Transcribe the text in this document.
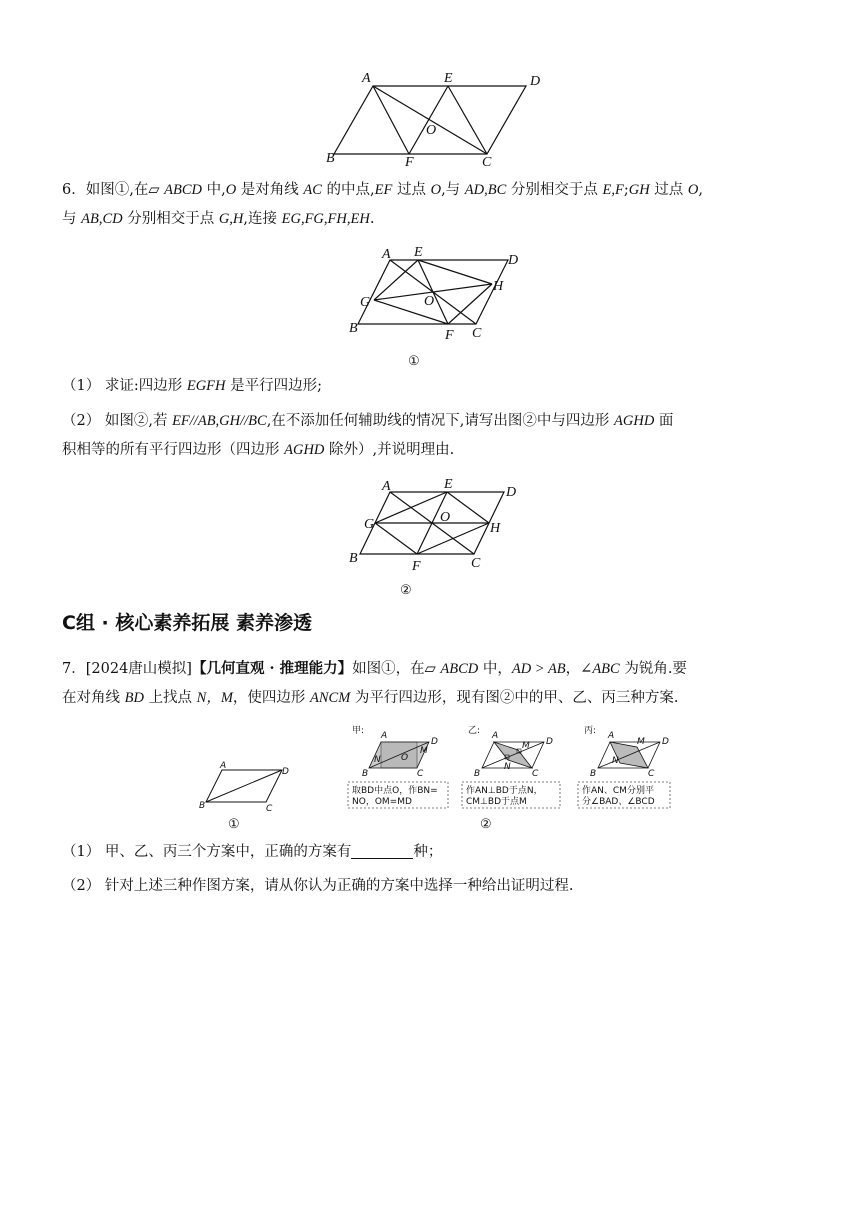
A	E	D
O
B	F	C

6．如图①,在▱ ABCD 中,O 是对角线 AC 的中点,EF 过点 O,与 AD,BC 分别相交于点 E,F;GH 过点 O,
与 AB,CD 分别相交于点 G,H,连接 EG,FG,FH,EH.

A E
D
H
G	O
B	F C
①

（1） 求证:四边形 EGFH 是平行四边形;

（2） 如图②,若 EF//AB,GH//BC,在不添加任何辅助线的情况下,请写出图②中与四边形 AGHD 面
积相等的所有平行四边形（四边形 AGHD 除外）,并说明理由.

A	E
D
G	O
H
B
F	C
②
C组 · 核心素养拓展 素养渗透

7．[2024唐山模拟]【几何直观 · 推理能力】如图①，在▱ ABCD 中，AD > AB，∠ABC 为锐角.要
在对角线 BD 上找点 N，M，使四边形 ANCM 为平行四边形，现有图②中的甲、乙、丙三种方案.

A
D
B	C
①
甲: A
D
M
N O
B	C
取BD中点O，作BN=
NO，OM=MD
乙: A
D
M
N
B	C
作AN⊥BD于点N，
CM⊥BD于点M
丙: A
D
M
N
B	C
作AN、CM分别平
分∠BAD、∠BCD
②

（1） 甲、乙、丙三个方案中，正确的方案有	种；

（2） 针对上述三种作图方案，请从你认为正确的方案中选择一种给出证明过程.
